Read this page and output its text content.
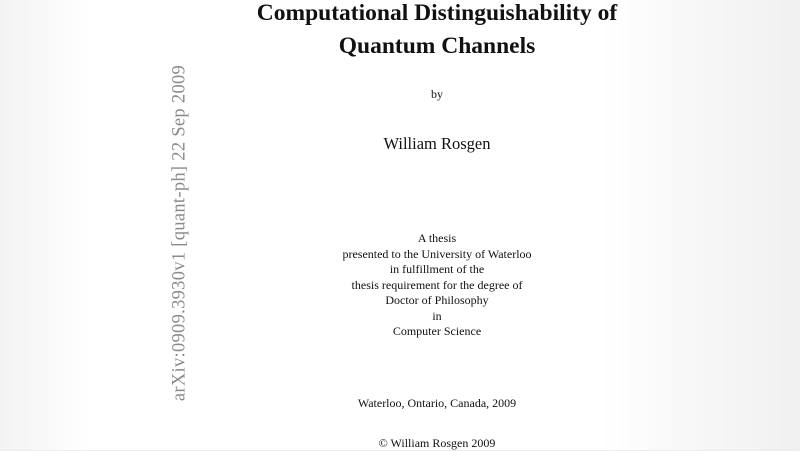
arXiv:0909.3930v1 [quant-ph] 22 Sep 2009
Computational Distinguishability of
Quantum Channels
by
William Rosgen
A thesis
presented to the University of Waterloo
in fulfillment of the
thesis requirement for the degree of
Doctor of Philosophy
in
Computer Science
Waterloo, Ontario, Canada, 2009
© William Rosgen 2009
